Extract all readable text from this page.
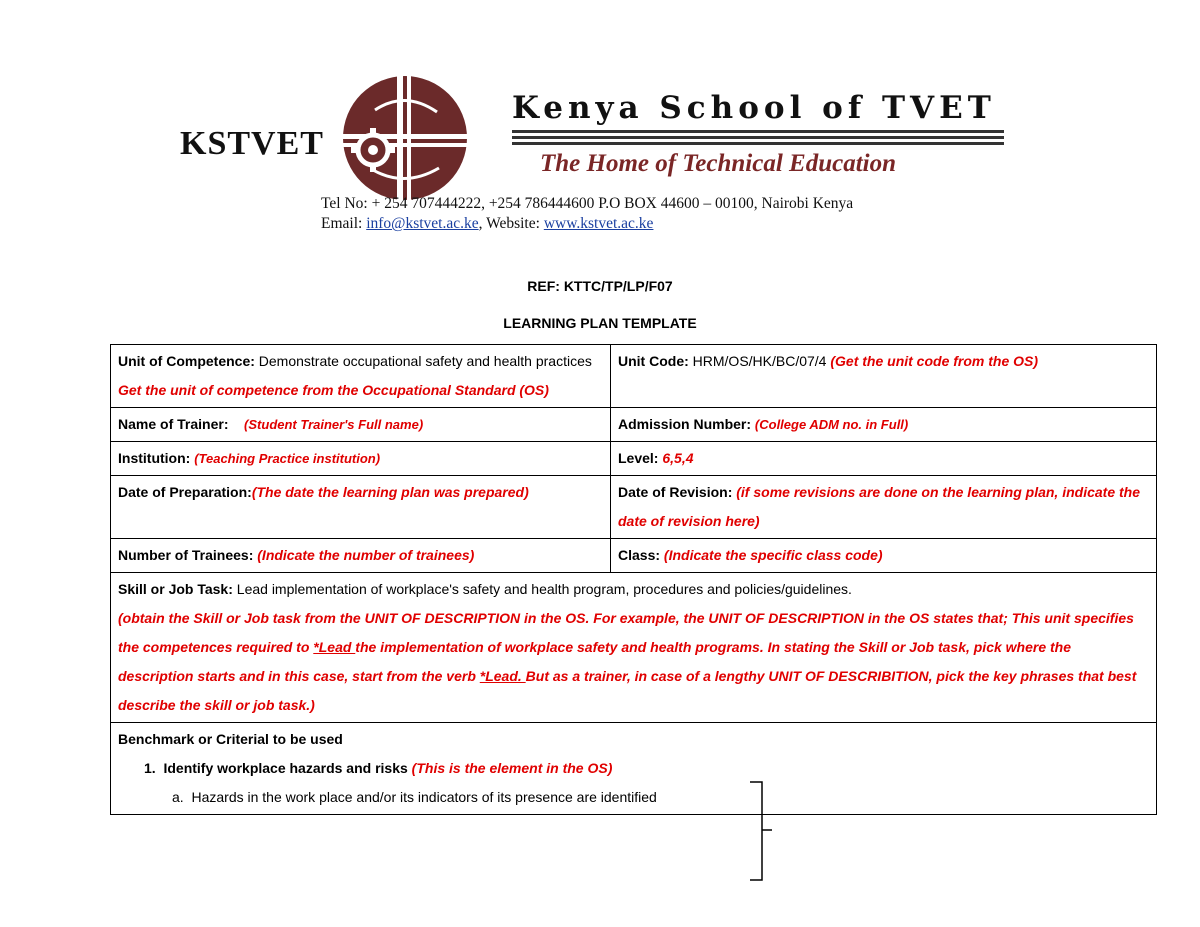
KSTVET
Kenya School of TVET
The Home of Technical Education
Tel No: + 254 707444222, +254 786444600 P.O BOX 44600 – 00100, Nairobi Kenya
Email: info@kstvet.ac.ke, Website: www.kstvet.ac.ke
REF: KTTC/TP/LP/F07
LEARNING PLAN TEMPLATE
Unit of Competence: Demonstrate occupational safety and health practices Get the unit of competence from the Occupational Standard (OS)	Unit Code: HRM/OS/HK/BC/07/4 (Get the unit code from the OS)
Name of Trainer: (Student Trainer's Full name)	Admission Number: (College ADM no. in Full)
Institution: (Teaching Practice institution)	Level: 6,5,4
Date of Preparation:(The date the learning plan was prepared)	Date of Revision: (if some revisions are done on the learning plan, indicate the date of revision here)
Number of Trainees: (Indicate the number of trainees)	Class: (Indicate the specific class code)

Skill or Job Task: Lead implementation of workplace's safety and health program, procedures and policies/guidelines.
(obtain the Skill or Job task from the UNIT OF DESCRIPTION in the OS. For example, the UNIT OF DESCRIPTION in the OS states that; This unit specifies the competences required to *Lead the implementation of workplace safety and health programs. In stating the Skill or Job task, pick where the description starts and in this case, start from the verb *Lead. But as a trainer, in case of a lengthy UNIT OF DESCRIBITION, pick the key phrases that best describe the skill or job task.)	

Benchmark or Criterial to be used
1. Identify workplace hazards and risks (This is the element in the OS)
a. Hazards in the work place and/or its indicators of its presence are identified	
